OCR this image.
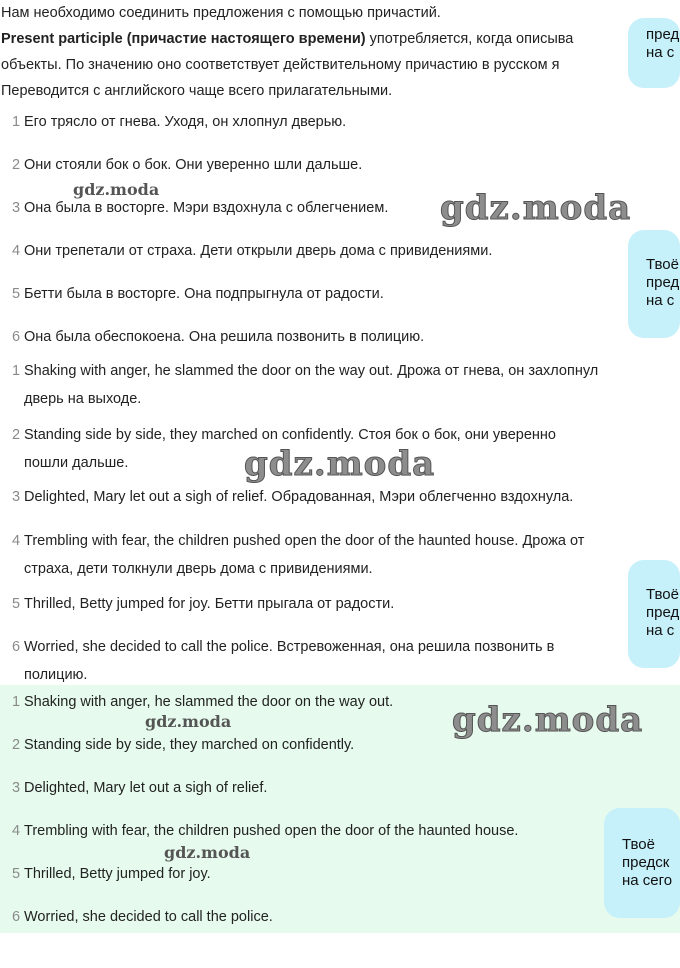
Нам необходимо соединить предложения с помощью причастий.

Present participle (причастие настоящего времени) употребляется, когда описыва

объекты. По значению оно соответствует действительному причастию в русском я

Переводится с английского чаще всего прилагательными.

1 Его трясло от гнева. Уходя, он хлопнул дверью.
2 Они стояли бок о бок. Они уверенно шли дальше.
3 Она была в восторге. Мэри вздохнула с облегчением.
4 Они трепетали от страха. Дети открыли дверь дома с привидениями.
5 Бетти была в восторге. Она подпрыгнула от радости.
6 Она была обеспокоена. Она решила позвонить в полицию.
1 Shaking with anger, he slammed the door on the way out. Дрожа от гнева, он захлопнул
дверь на выходе.
2 Standing side by side, they marched on confidently. Стоя бок о бок, они уверенно
пошли дальше.
3 Delighted, Mary let out a sigh of relief. Обрадованная, Мэри облегченно вздохнула.
4 Trembling with fear, the children pushed open the door of the haunted house. Дрожа от
страха, дети толкнули дверь дома с привидениями.
5 Thrilled, Betty jumped for joy. Бетти прыгала от радости.
6 Worried, she decided to call the police. Встревоженная, она решила позвонить в
полицию.
1 Shaking with anger, he slammed the door on the way out.
2 Standing side by side, they marched on confidently.
3 Delighted, Mary let out a sigh of relief.
4 Trembling with fear, the children pushed open the door of the haunted house.
5 Thrilled, Betty jumped for joy.
6 Worried, she decided to call the police.
gdz.moda	gdz.moda
gdz.moda
gdz.moda
gdz.moda
gdz.moda
пред
на с
Твоё
пред
на с
Твоё
пред
на с
Твоё
предск
на сего
